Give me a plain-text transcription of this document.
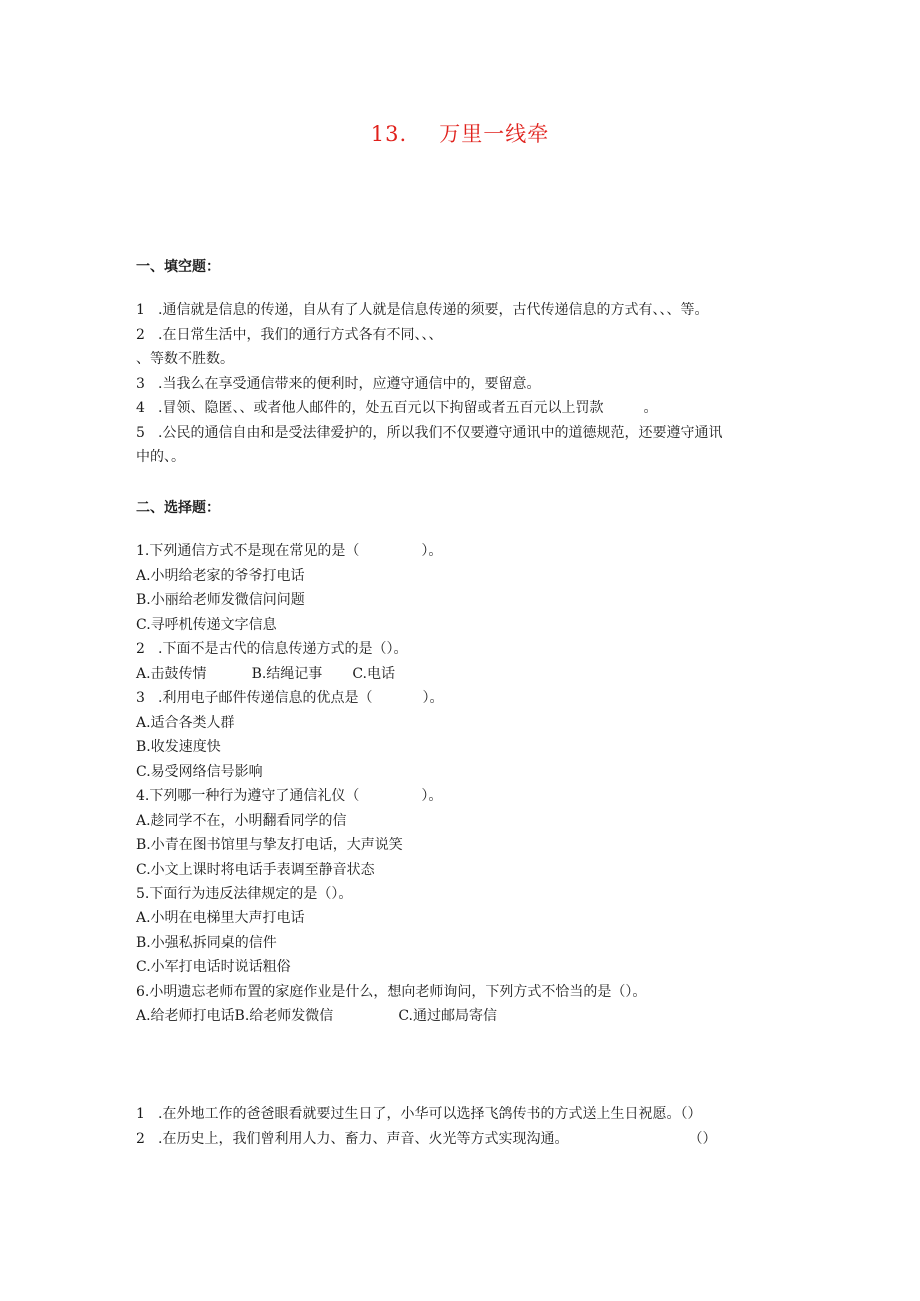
13. 万里一线牵
一、填空题：
1 .通信就是信息的传递，自从有了人就是信息传递的须要，古代传递信息的方式有、、、等。
2 .在日常生活中，我们的通行方式各有不同、、、
、等数不胜数。
3 .当我么在享受通信带来的便利时，应遵守通信中的，要留意。
4 .冒领、隐匿、、或者他人邮件的，处五百元以下拘留或者五百元以上罚款	。
5 .公民的通信自由和是受法律爱护的，所以我们不仅要遵守通讯中的道德规范，还要遵守通讯
中的、。
二、选择题：
1.下列通信方式不是现在常见的是（	）。
A.小明给老家的爷爷打电话
B.小丽给老师发微信问问题
C.寻呼机传递文字信息
2 .下面不是古代的信息传递方式的是（）。
A.击鼓传情	B.结绳记事 C.电话
3 .利用电子邮件传递信息的优点是（	）。
A.适合各类人群
B.收发速度快
C.易受网络信号影响
4.下列哪一种行为遵守了通信礼仪（	）。
A.趁同学不在，小明翻看同学的信
B.小青在图书馆里与挚友打电话，大声说笑
C.小文上课时将电话手表调至静音状态
5.下面行为违反法律规定的是（）。
A.小明在电梯里大声打电话
B.小强私拆同桌的信件
C.小军打电话时说话粗俗
6.小明遗忘老师布置的家庭作业是什么，想向老师询问，下列方式不恰当的是（）。
A.给老师打电话B.给老师发微信	C.通过邮局寄信
1 .在外地工作的爸爸眼看就要过生日了，小华可以选择飞鸽传书的方式送上生日祝愿。（）
2 .在历史上，我们曾利用人力、畜力、声音、火光等方式实现沟通。	（）
